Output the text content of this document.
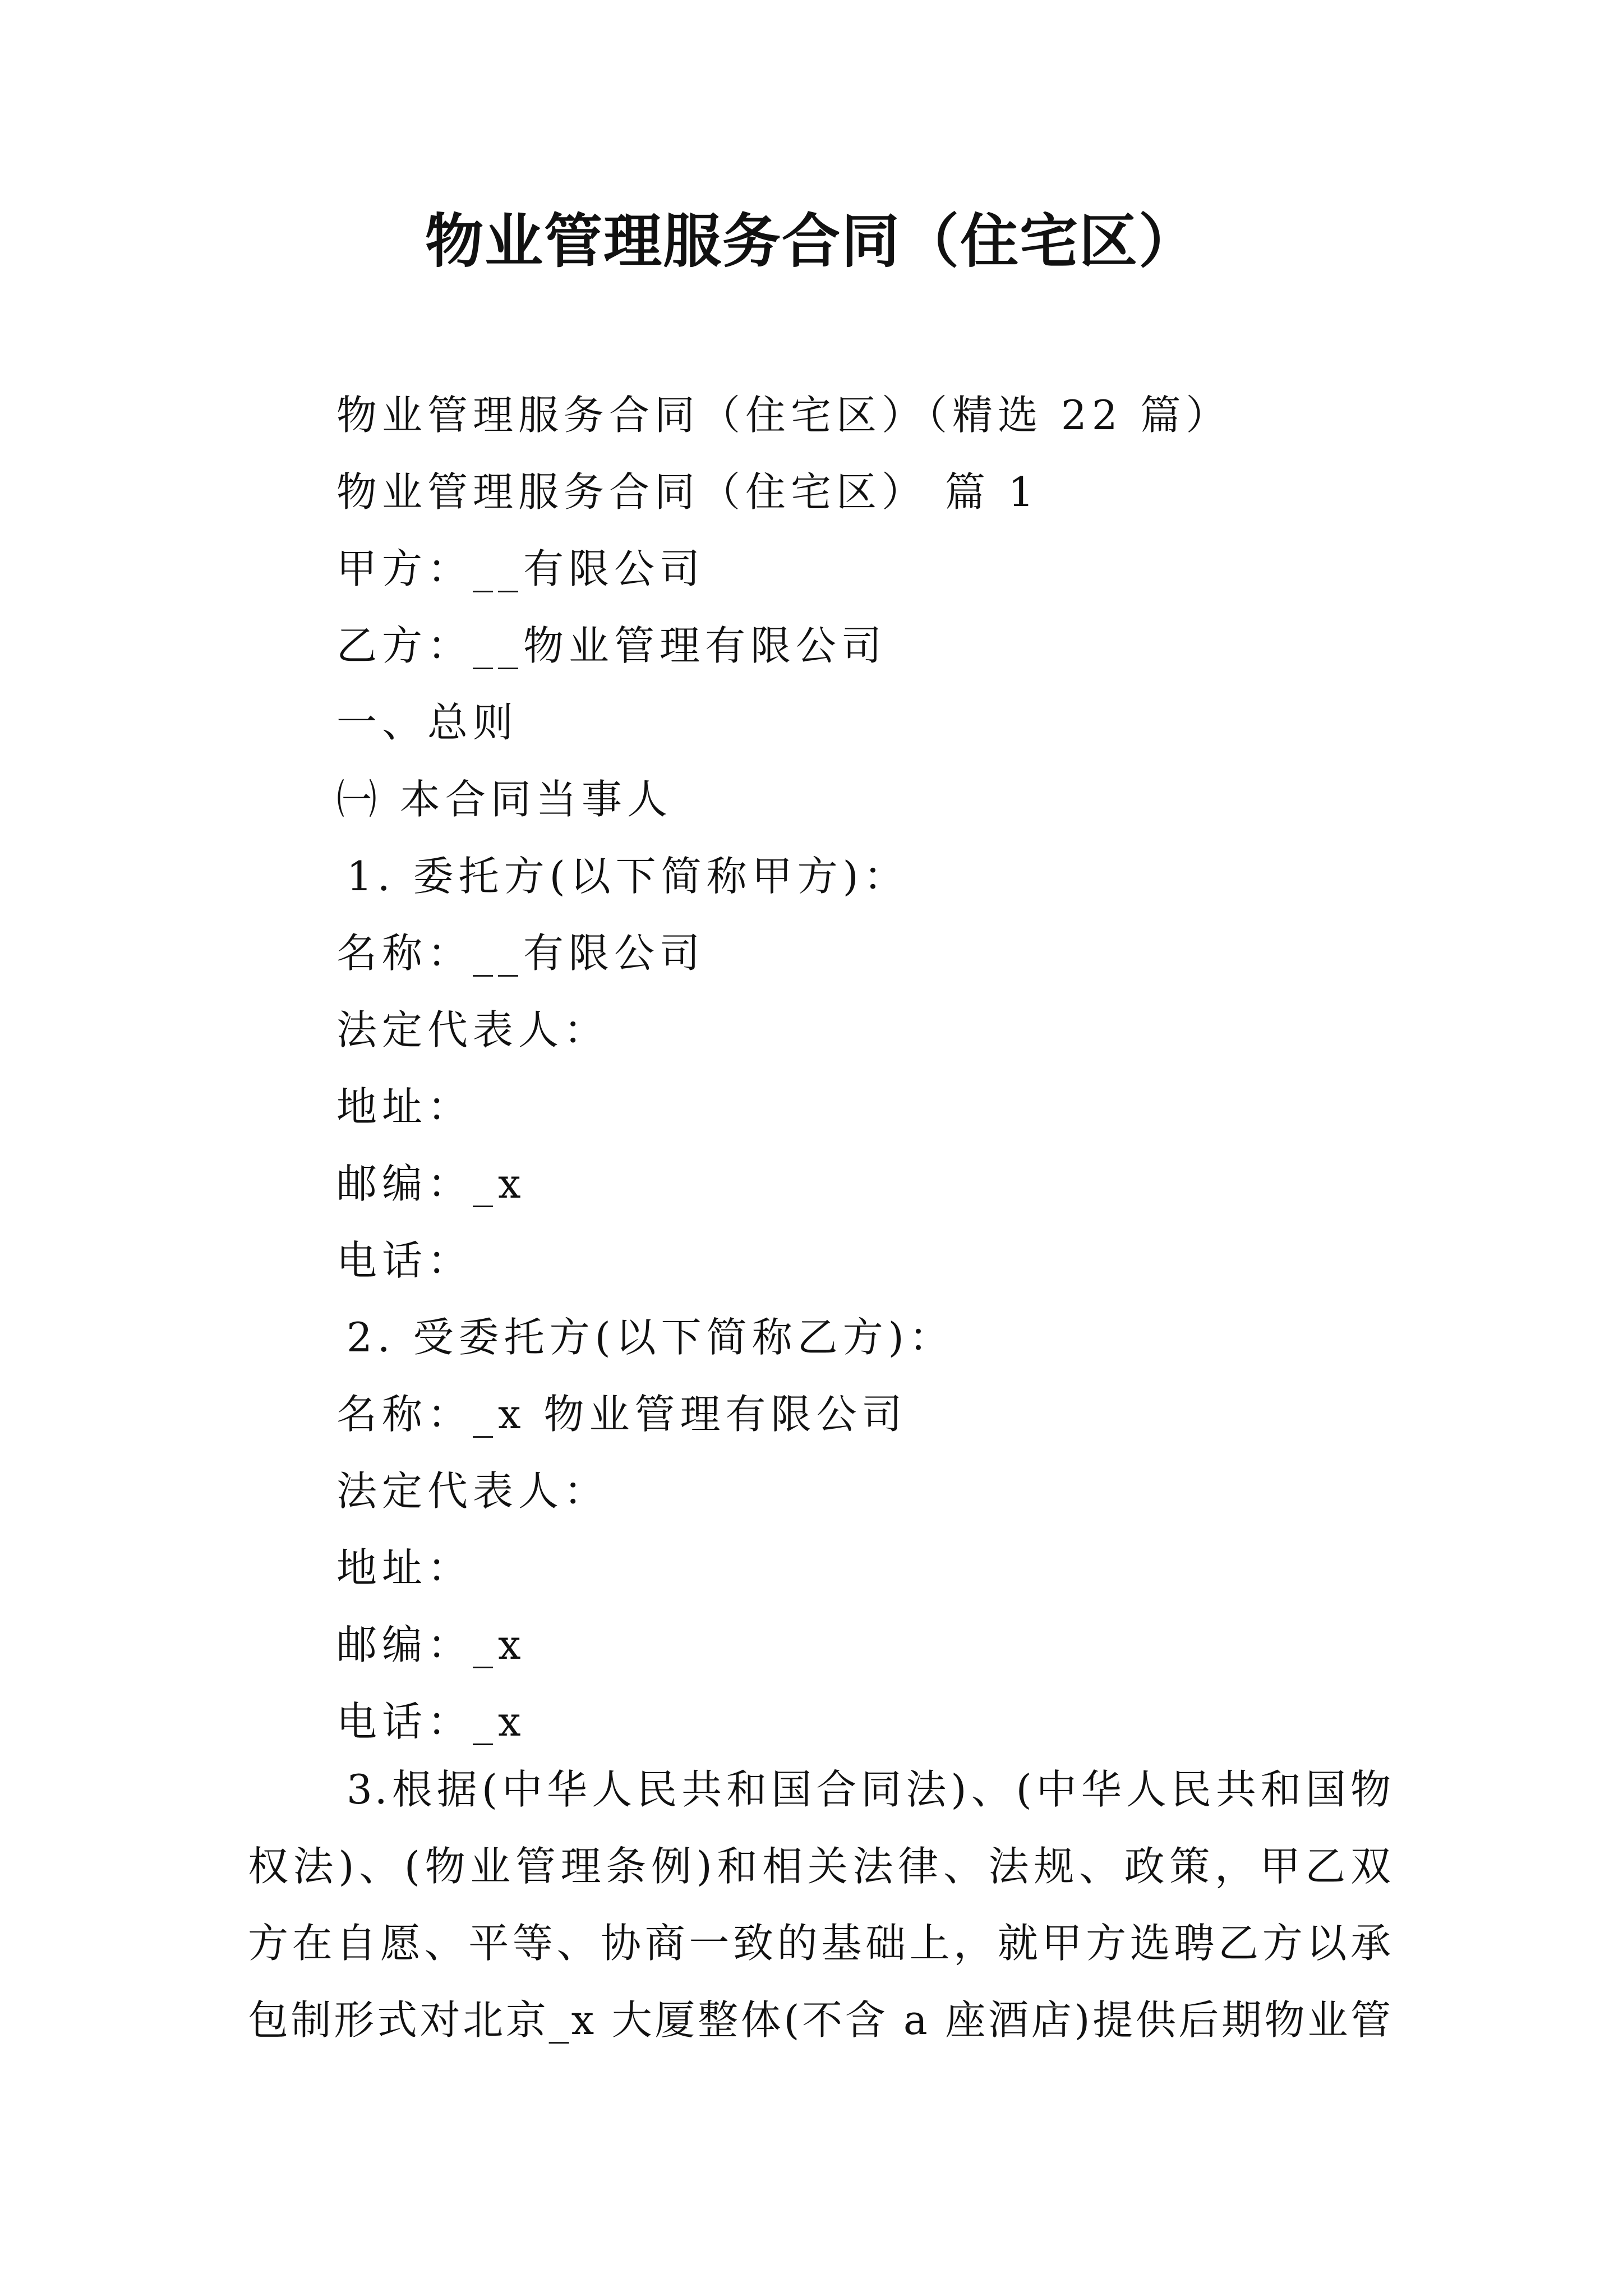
物业管理服务合同（住宅区）
物业管理服务合同（住宅区）（精选 22 篇）
物业管理服务合同（住宅区） 篇 1
甲方：__有限公司
乙方：__物业管理有限公司
一、总则
㈠ 本合同当事人
1. 委托方(以下简称甲方)：
名称：__有限公司
法定代表人：
地址：
邮编：_x
电话：
2. 受委托方(以下简称乙方)：
名称：_x 物业管理有限公司
法定代表人：
地址：
邮编：_x
电话：_x
3.根据(中华人民共和国合同法)、(中华人民共和国物
权法)、(物业管理条例)和相关法律、法规、政策，甲乙双
方在自愿、平等、协商一致的基础上，就甲方选聘乙方以承
包制形式对北京_x 大厦整体(不含 a 座酒店)提供后期物业管
